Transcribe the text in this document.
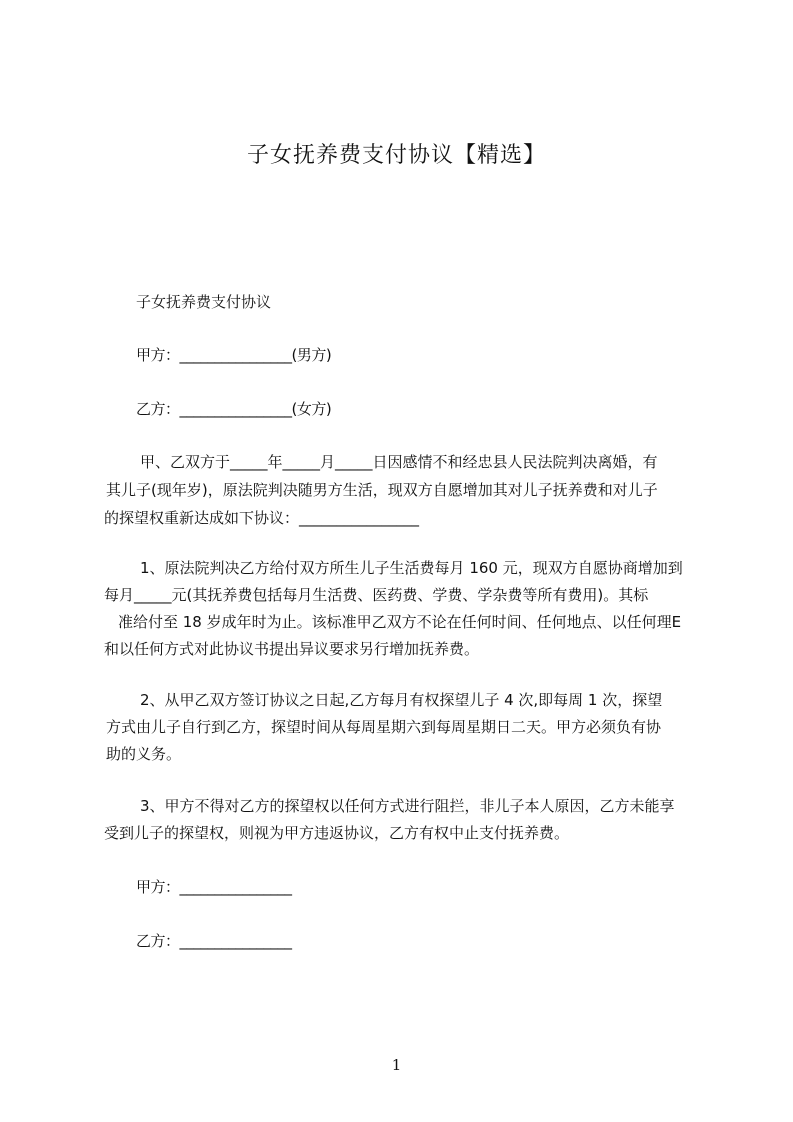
子女抚养费支付协议【精选】
子女抚养费支付协议
甲方：________________(男方)
乙方：________________(女方)
甲、乙双方于_____年_____月_____日因感情不和经忠县人民法院判决离婚，有
其儿子(现年岁)，原法院判决随男方生活，现双方自愿增加其对儿子抚养费和对儿子
的探望权重新达成如下协议：________________
1、原法院判决乙方给付双方所生儿子生活费每月 160 元，现双方自愿协商增加到
每月_____元(其抚养费包括每月生活费、医药费、学费、学杂费等所有费用)。其标
准给付至 18 岁成年时为止。该标准甲乙双方不论在任何时间、任何地点、以任何理E
和以任何方式对此协议书提出异议要求另行增加抚养费。
2、从甲乙双方签订协议之日起,乙方每月有权探望儿子 4 次,即每周 1 次，探望
方式由儿子自行到乙方，探望时间从每周星期六到每周星期日二天。甲方必须负有协
助的义务。
3、甲方不得对乙方的探望权以任何方式进行阻拦，非儿子本人原因，乙方未能享
受到儿子的探望权，则视为甲方违返协议，乙方有权中止支付抚养费。
甲方：________________
乙方：________________
1
